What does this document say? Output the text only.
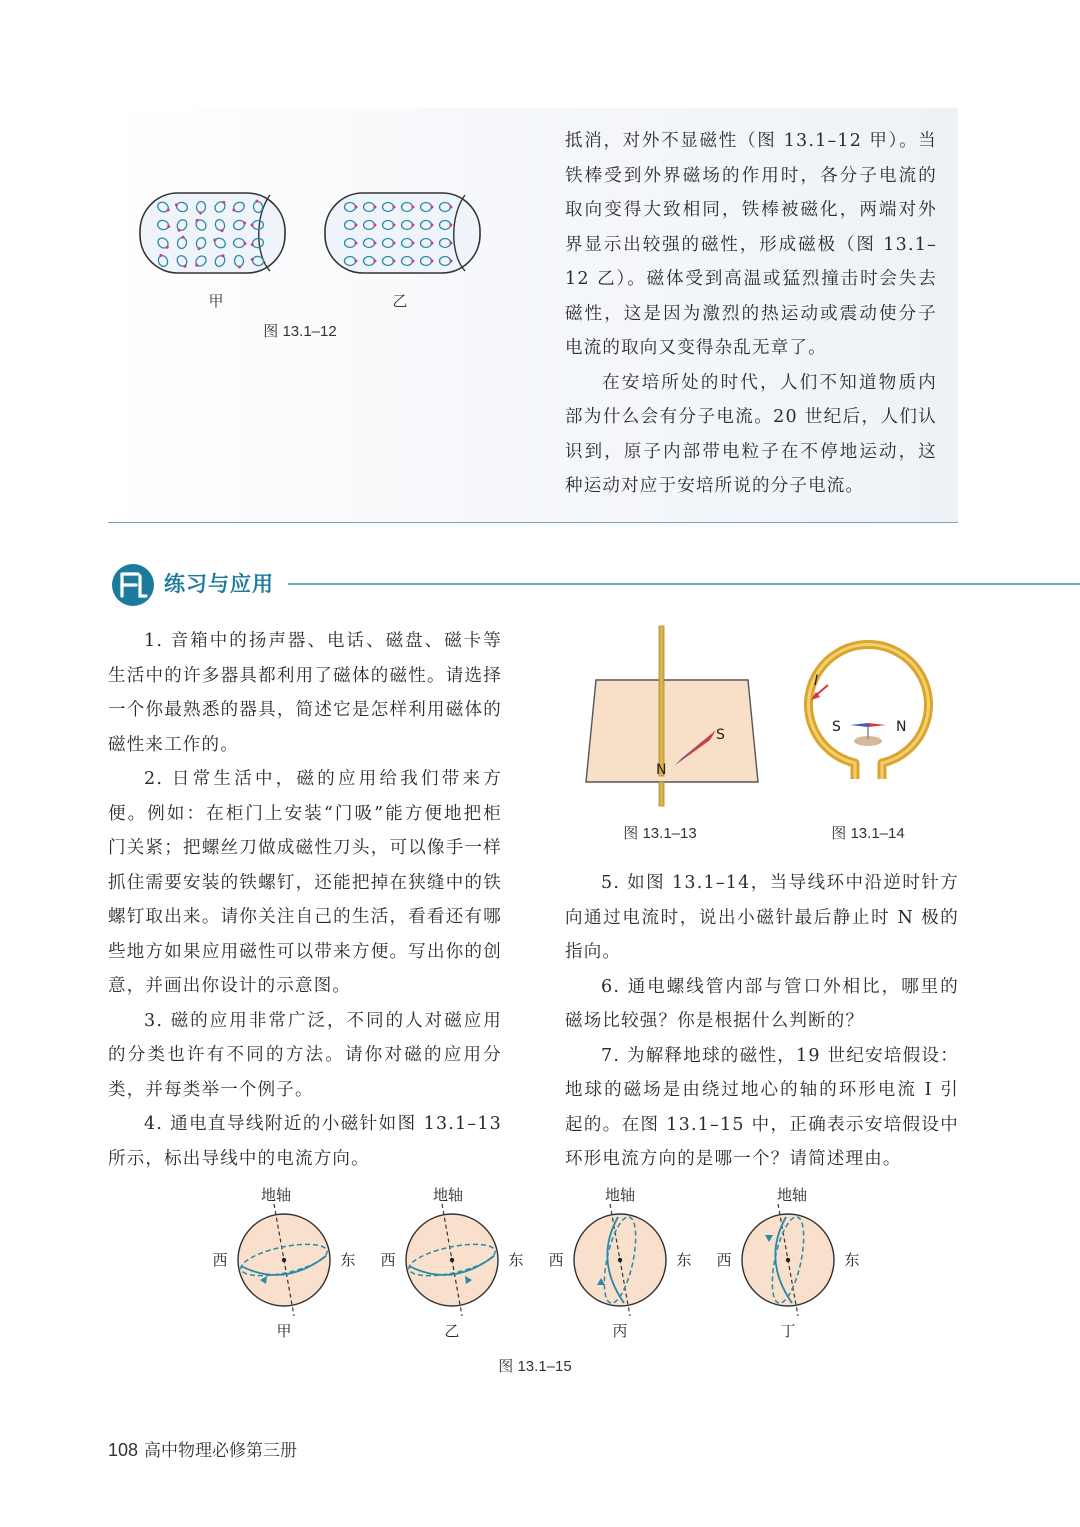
抵消，对外不显磁性（图 13.1–12 甲）。当铁棒受到外界磁场的作用时，各分子电流的取向变得大致相同，铁棒被磁化，两端对外界显示出较强的磁性，形成磁极（图 13.1–12 乙）。磁体受到高温或猛烈撞击时会失去磁性，这是因为激烈的热运动或震动使分子电流的取向又变得杂乱无章了。

在安培所处的时代，人们不知道物质内部为什么会有分子电流。20 世纪后，人们认识到，原子内部带电粒子在不停地运动，这种运动对应于安培所说的分子电流。

甲	乙
图 13.1–12
练习与应用

1. 音箱中的扬声器、电话、磁盘、磁卡等生活中的许多器具都利用了磁体的磁性。请选择一个你最熟悉的器具，简述它是怎样利用磁体的磁性来工作的。

2. 日常生活中，磁的应用给我们带来方便。例如：在柜门上安装“门吸”能方便地把柜门关紧；把螺丝刀做成磁性刀头，可以像手一样抓住需要安装的铁螺钉，还能把掉在狭缝中的铁螺钉取出来。请你关注自己的生活，看看还有哪些地方如果应用磁性可以带来方便。写出你的创意，并画出你设计的示意图。

3. 磁的应用非常广泛，不同的人对磁应用的分类也许有不同的方法。请你对磁的应用分类，并每类举一个例子。

4. 通电直导线附近的小磁针如图 13.1–13 所示，标出导线中的电流方向。

N
S
图 13.1–13
I
S	N
图 13.1–14

5. 如图 13.1–14，当导线环中沿逆时针方向通过电流时，说出小磁针最后静止时 N 极的指向。

6. 通电螺线管内部与管口外相比，哪里的磁场比较强？你是根据什么判断的？

7. 为解释地球的磁性，19 世纪安培假设：地球的磁场是由绕过地心的轴的环形电流 I 引起的。在图 13.1–15 中，正确表示安培假设中环形电流方向的是哪一个？请简述理由。

地轴
西	东
甲
地轴
西	东
乙
地轴
西	东
丙
地轴
西	东
丁
图 13.1–15
108 高中物理必修第三册
